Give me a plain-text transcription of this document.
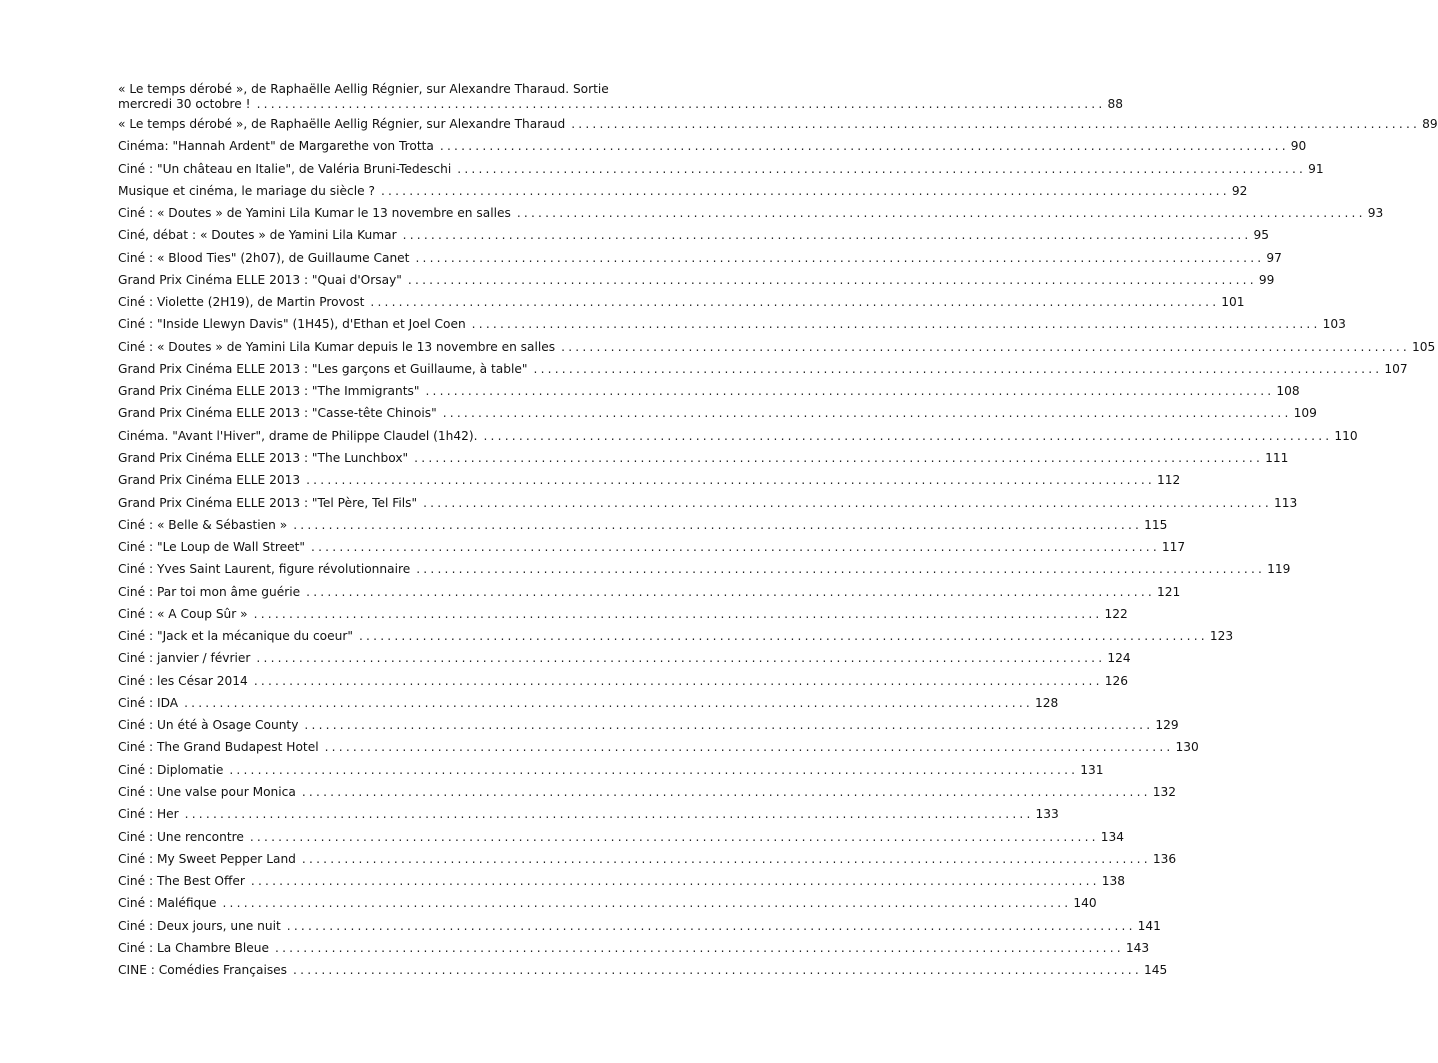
« Le temps dérobé », de Raphaëlle Aellig Régnier, sur Alexandre Tharaud. Sortie
mercredi 30 octobre ! ........................................................................................................................ 88
« Le temps dérobé », de Raphaëlle Aellig Régnier, sur Alexandre Tharaud ........................................................................................................................ 89
Cinéma: "Hannah Ardent" de Margarethe von Trotta ........................................................................................................................ 90
Ciné : "Un château en Italie", de Valéria Bruni-Tedeschi ........................................................................................................................ 91
Musique et cinéma, le mariage du siècle ? ........................................................................................................................ 92
Ciné : « Doutes » de Yamini Lila Kumar le 13 novembre en salles ........................................................................................................................ 93
Ciné, débat : « Doutes » de Yamini Lila Kumar ........................................................................................................................ 95
Ciné : « Blood Ties" (2h07), de Guillaume Canet ........................................................................................................................ 97
Grand Prix Cinéma ELLE 2013 : "Quai d'Orsay" ........................................................................................................................ 99
Ciné : Violette (2H19), de Martin Provost ........................................................................................................................ 101
Ciné : "Inside Llewyn Davis" (1H45), d'Ethan et Joel Coen ........................................................................................................................ 103
Ciné : « Doutes » de Yamini Lila Kumar depuis le 13 novembre en salles ........................................................................................................................ 105
Grand Prix Cinéma ELLE 2013 : "Les garçons et Guillaume, à table" ........................................................................................................................ 107
Grand Prix Cinéma ELLE 2013 : "The Immigrants" ........................................................................................................................ 108
Grand Prix Cinéma ELLE 2013 : "Casse-tête Chinois" ........................................................................................................................ 109
Cinéma. "Avant l'Hiver", drame de Philippe Claudel (1h42). ........................................................................................................................ 110
Grand Prix Cinéma ELLE 2013 : "The Lunchbox" ........................................................................................................................ 111
Grand Prix Cinéma ELLE 2013 ........................................................................................................................ 112
Grand Prix Cinéma ELLE 2013 : "Tel Père, Tel Fils" ........................................................................................................................ 113
Ciné : « Belle & Sébastien » ........................................................................................................................ 115
Ciné : "Le Loup de Wall Street" ........................................................................................................................ 117
Ciné : Yves Saint Laurent, figure révolutionnaire ........................................................................................................................ 119
Ciné : Par toi mon âme guérie ........................................................................................................................ 121
Ciné : « A Coup Sûr » ........................................................................................................................ 122
Ciné : "Jack et la mécanique du coeur" ........................................................................................................................ 123
Ciné : janvier / février ........................................................................................................................ 124
Ciné : les César 2014 ........................................................................................................................ 126
Ciné : IDA ........................................................................................................................ 128
Ciné : Un été à Osage County ........................................................................................................................ 129
Ciné : The Grand Budapest Hotel ........................................................................................................................ 130
Ciné : Diplomatie ........................................................................................................................ 131
Ciné : Une valse pour Monica ........................................................................................................................ 132
Ciné : Her ........................................................................................................................ 133
Ciné : Une rencontre ........................................................................................................................ 134
Ciné : My Sweet Pepper Land ........................................................................................................................ 136
Ciné : The Best Offer ........................................................................................................................ 138
Ciné : Maléfique ........................................................................................................................ 140
Ciné : Deux jours, une nuit ........................................................................................................................ 141
Ciné : La Chambre Bleue ........................................................................................................................ 143
CINE : Comédies Françaises ........................................................................................................................ 145
